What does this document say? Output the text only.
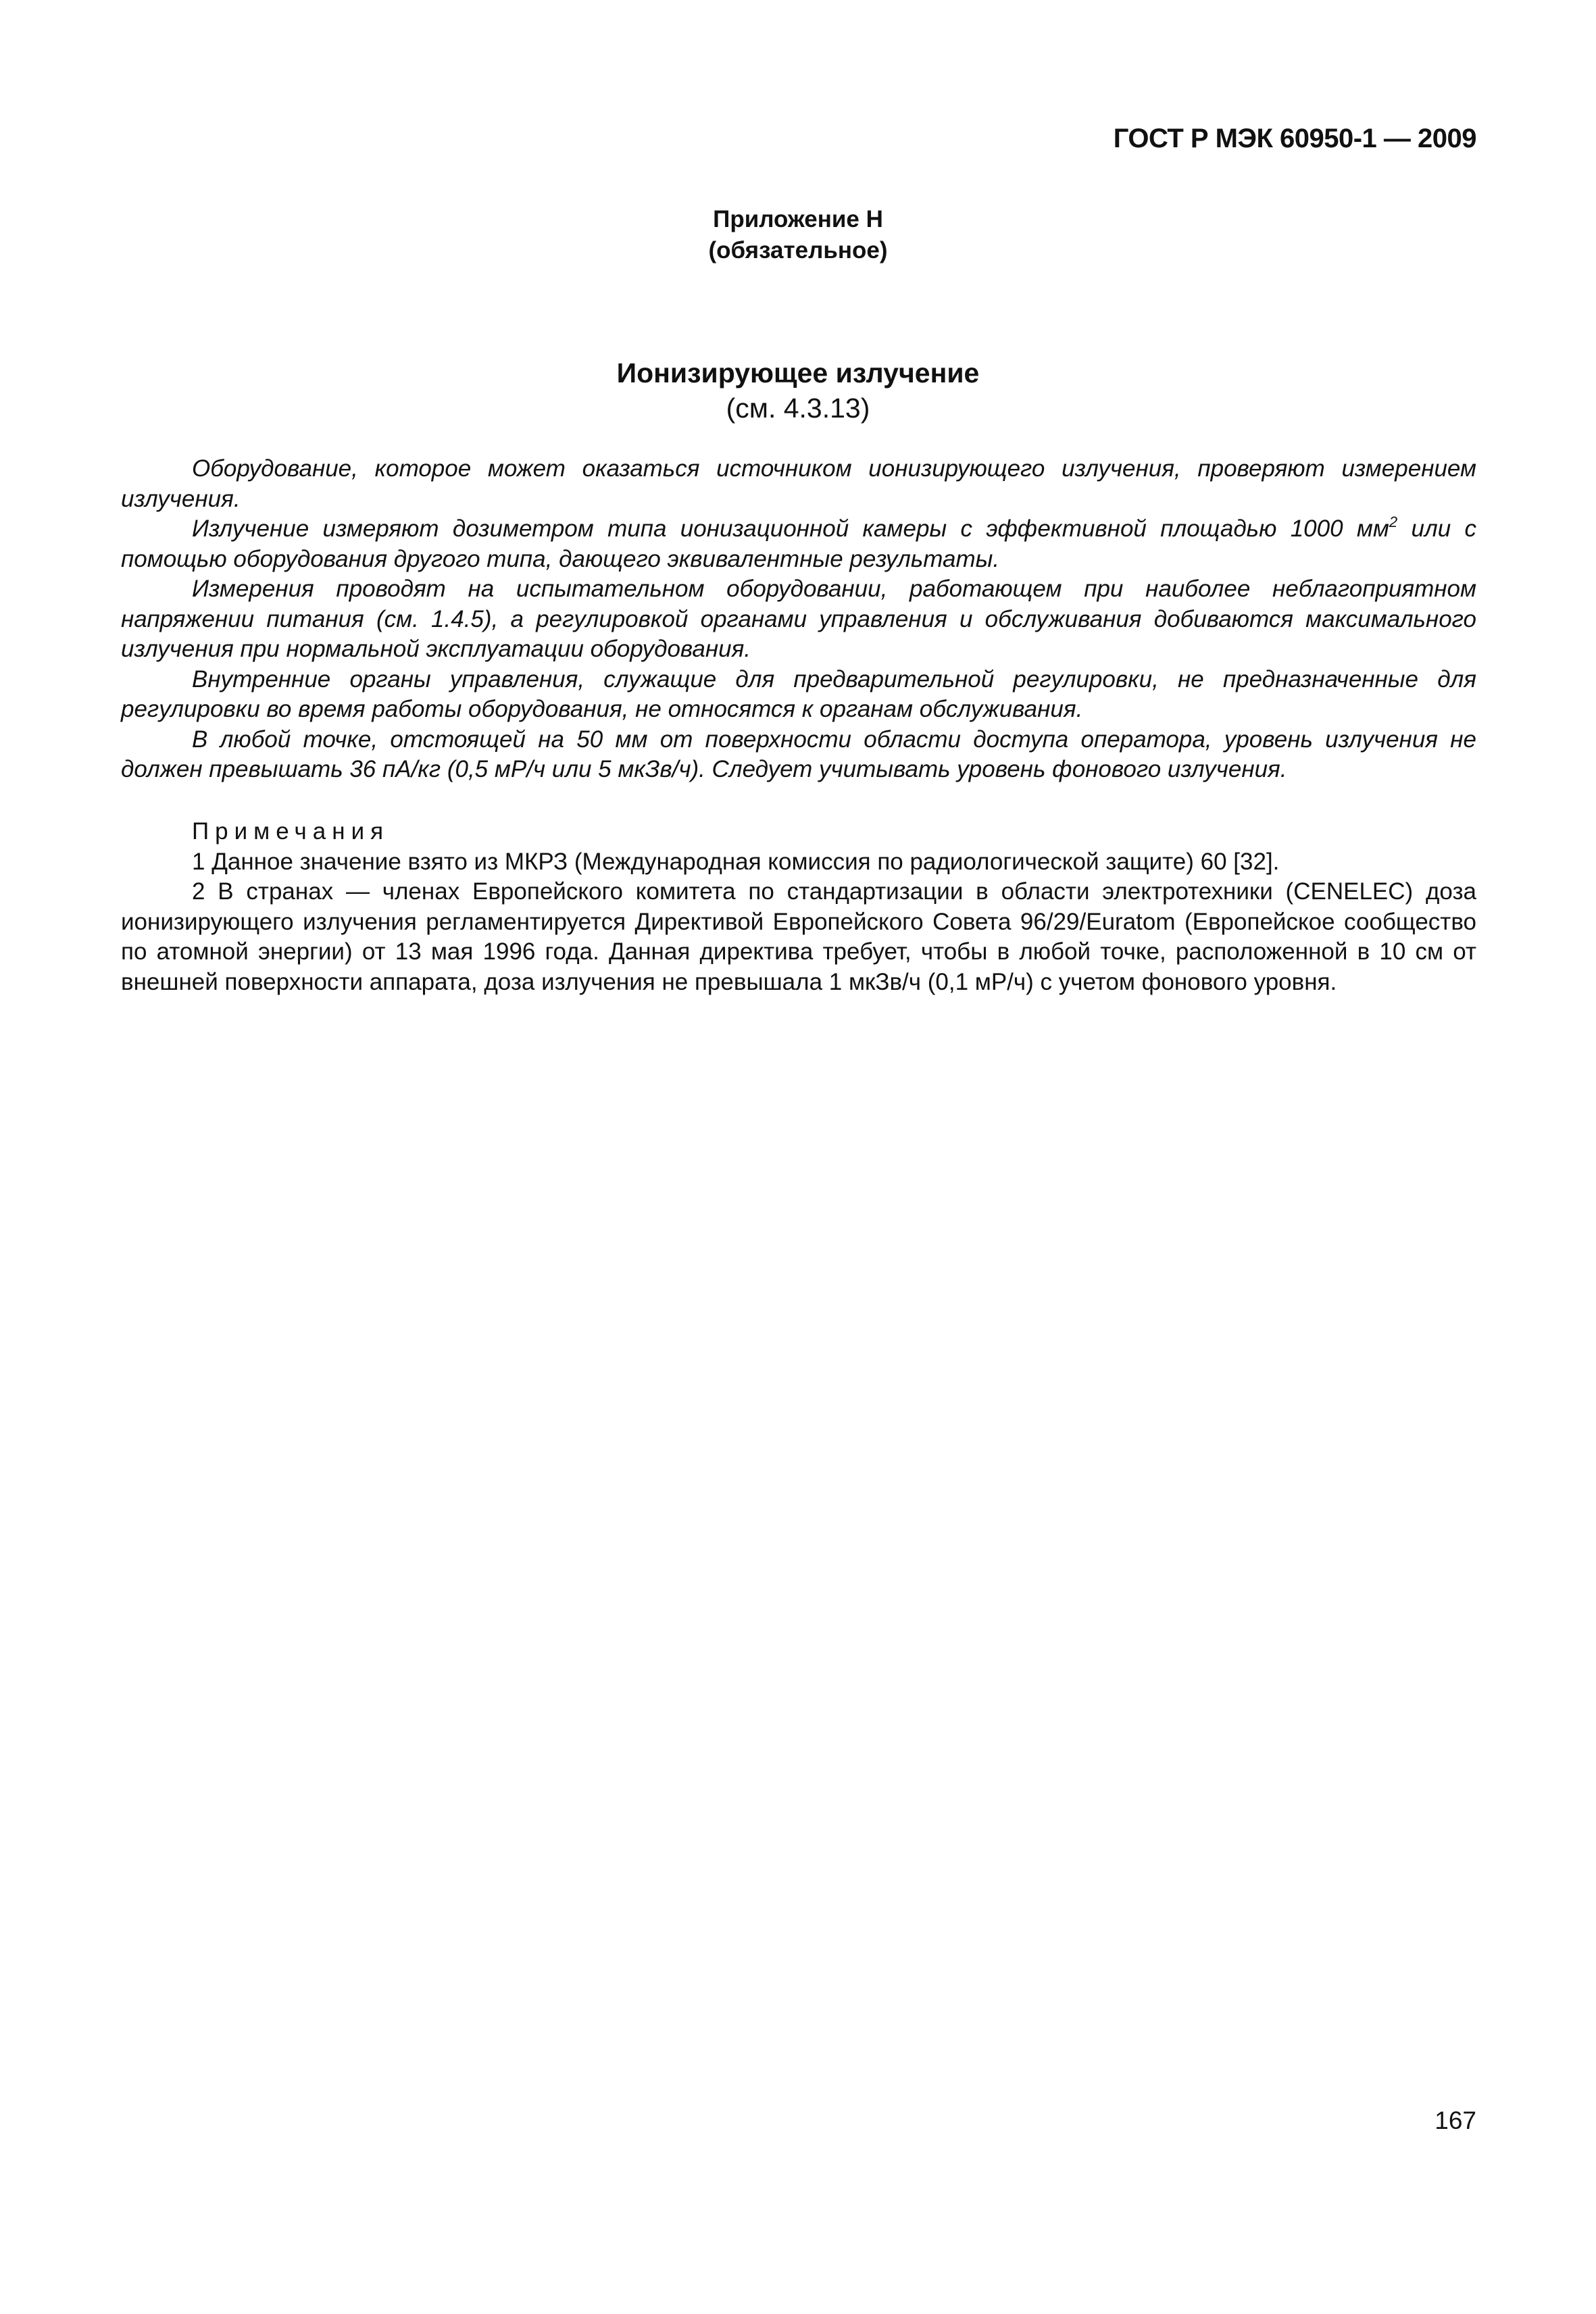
ГОСТ Р МЭК 60950-1 — 2009
Приложение Н
(обязательное)
Ионизирующее излучение
(см. 4.3.13)

Оборудование, которое может оказаться источником ионизирующего излучения, проверяют измерением излучения.

Излучение измеряют дозиметром типа ионизационной камеры с эффективной площадью 1000 $мм^2$ или с помощью оборудования другого типа, дающего эквивалентные результаты.

Измерения проводят на испытательном оборудовании, работающем при наиболее неблагоприятном напряжении питания (см. 1.4.5), а регулировкой органами управления и обслуживания добиваются максимального излучения при нормальной эксплуатации оборудования.

Внутренние органы управления, служащие для предварительной регулировки, не предназначенные для регулировки во время работы оборудования, не относятся к органам обслуживания.

В любой точке, отстоящей на 50 мм от поверхности области доступа оператора, уровень излучения не должен превышать 36 пА/кг (0,5 мР/ч или 5 мкЗв/ч). Следует учитывать уровень фонового излучения.

Примечания

1 Данное значение взято из МКРЗ (Международная комиссия по радиологической защите) 60 [32].

2 В странах — членах Европейского комитета по стандартизации в области электротехники (CENELEC) доза ионизирующего излучения регламентируется Директивой Европейского Совета 96/29/Euratom (Европейское сообщество по атомной энергии) от 13 мая 1996 года. Данная директива требует, чтобы в любой точке, расположенной в 10 см от внешней поверхности аппарата, доза излучения не превышала 1 мкЗв/ч (0,1 мР/ч) с учетом фонового уровня.

167
